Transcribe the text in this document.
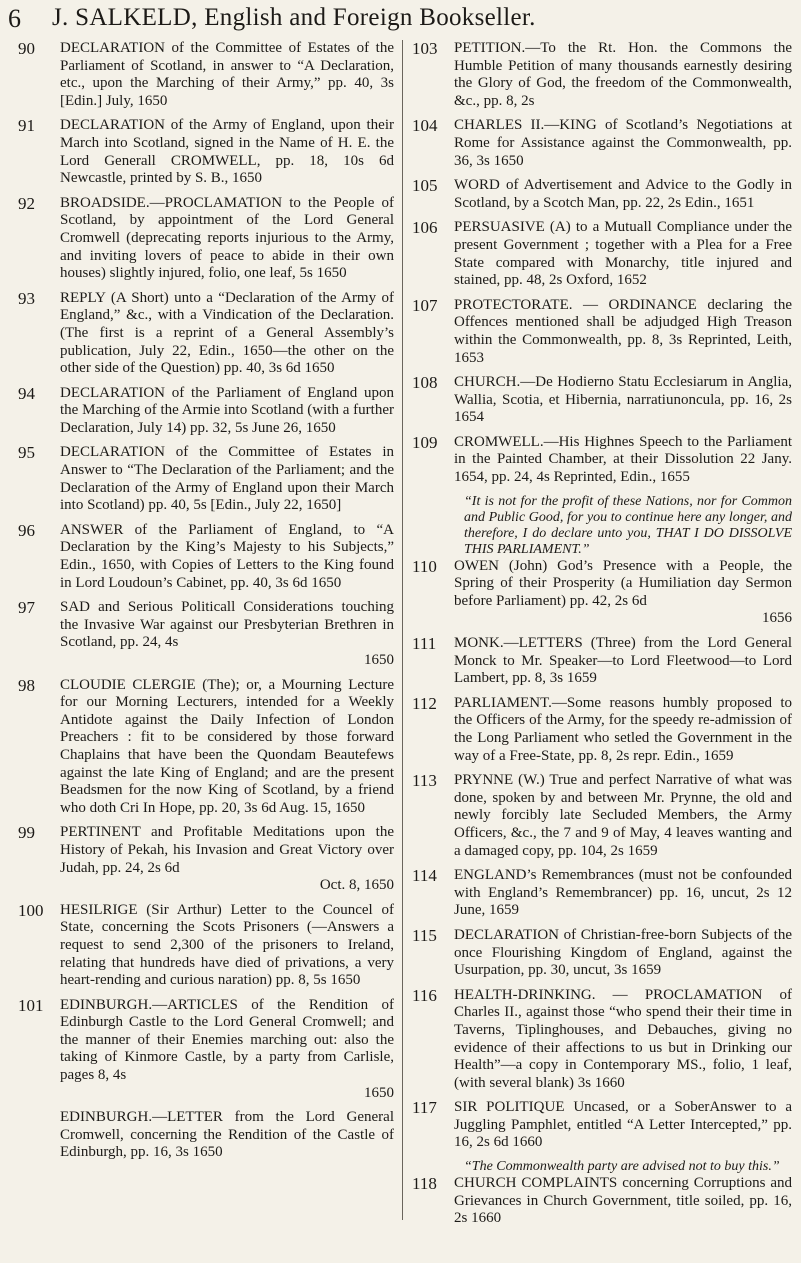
6 J. SALKELD, English and Foreign Bookseller.
90 DECLARATION of the Committee of Estates of the Parliament of Scotland, in answer to “A Declaration, etc., upon the Marching of their Army,” pp. 40, 3s [Edin.] July, 1650
91 DECLARATION of the Army of England, upon their March into Scotland, signed in the Name of H. E. the Lord Generall CROMWELL, pp. 18, 10s 6d Newcastle, printed by S. B., 1650
92 BROADSIDE.—PROCLAMATION to the People of Scotland, by appointment of the Lord General Cromwell (deprecating reports injurious to the Army, and inviting lovers of peace to abide in their own houses) slightly injured, folio, one leaf, 5s 1650
93 REPLY (A Short) unto a “Declaration of the Army of England,” &c., with a Vindication of the Declaration. (The first is a reprint of a General Assembly’s publication, July 22, Edin., 1650—the other on the other side of the Question) pp. 40, 3s 6d 1650
94 DECLARATION of the Parliament of England upon the Marching of the Armie into Scotland (with a further Declaration, July 14) pp. 32, 5s June 26, 1650
95 DECLARATION of the Committee of Estates in Answer to “The Declaration of the Parliament; and the Declaration of the Army of England upon their March into Scotland) pp. 40, 5s [Edin., July 22, 1650]
96 ANSWER of the Parliament of England, to “A Declaration by the King’s Majesty to his Subjects,” Edin., 1650, with Copies of Letters to the King found in Lord Loudoun’s Cabinet, pp. 40, 3s 6d 1650
97 SAD and Serious Politicall Considerations touching the Invasive War against our Presbyterian Brethren in Scotland, pp. 24, 4s
1650
98 CLOUDIE CLERGIE (The); or, a Mourning Lecture for our Morning Lecturers, intended for a Weekly Antidote against the Daily Infection of London Preachers : fit to be considered by those forward Chaplains that have been the Quondam Beautefews against the late King of England; and are the present Beadsmen for the now King of Scotland, by a friend who doth Cri In Hope, pp. 20, 3s 6d Aug. 15, 1650
99 PERTINENT and Profitable Meditations upon the History of Pekah, his Invasion and Great Victory over Judah, pp. 24, 2s 6d
Oct. 8, 1650
100 HESILRIGE (Sir Arthur) Letter to the Councel of State, concerning the Scots Prisoners (—Answers a request to send 2,300 of the prisoners to Ireland, relating that hundreds have died of privations, a very heart-rending and curious naration) pp. 8, 5s 1650
101 EDINBURGH.—ARTICLES of the Rendition of Edinburgh Castle to the Lord General Cromwell; and the manner of their Enemies marching out: also the taking of Kinmore Castle, by a party from Carlisle, pages 8, 4s
1650
EDINBURGH.—LETTER from the Lord General Cromwell, concerning the Rendition of the Castle of Edinburgh, pp. 16, 3s 1650
103 PETITION.—To the Rt. Hon. the Commons the Humble Petition of many thousands earnestly desiring the Glory of God, the freedom of the Commonwealth, &c., pp. 8, 2s
104 CHARLES II.—KING of Scotland’s Negotiations at Rome for Assistance against the Commonwealth, pp. 36, 3s 1650
105 WORD of Advertisement and Advice to the Godly in Scotland, by a Scotch Man, pp. 22, 2s Edin., 1651
106 PERSUASIVE (A) to a Mutuall Compliance under the present Government ; together with a Plea for a Free State compared with Monarchy, title injured and stained, pp. 48, 2s Oxford, 1652
107 PROTECTORATE. — ORDINANCE declaring the Offences mentioned shall be adjudged High Treason within the Commonwealth, pp. 8, 3s Reprinted, Leith, 1653
108 CHURCH.—De Hodierno Statu Ecclesiarum in Anglia, Wallia, Scotia, et Hibernia, narratiunoncula, pp. 16, 2s 1654
109 CROMWELL.—His Highnes Speech to the Parliament in the Painted Chamber, at their Dissolution 22 Jany. 1654, pp. 24, 4s Reprinted, Edin., 1655
“It is not for the profit of these Nations, nor for Common and Public Good, for you to continue here any longer, and therefore, I do declare unto you, THAT I DO DISSOLVE THIS PARLIAMENT.”
110 OWEN (John) God’s Presence with a People, the Spring of their Prosperity (a Humiliation day Sermon before Parliament) pp. 42, 2s 6d
1656
111 MONK.—LETTERS (Three) from the Lord General Monck to Mr. Speaker—to Lord Fleetwood—to Lord Lambert, pp. 8, 3s 1659
112 PARLIAMENT.—Some reasons humbly proposed to the Officers of the Army, for the speedy re-admission of the Long Parliament who setled the Government in the way of a Free-State, pp. 8, 2s repr. Edin., 1659
113 PRYNNE (W.) True and perfect Narrative of what was done, spoken by and between Mr. Prynne, the old and newly forcibly late Secluded Members, the Army Officers, &c., the 7 and 9 of May, 4 leaves wanting and a damaged copy, pp. 104, 2s 1659
114 ENGLAND’s Remembrances (must not be confounded with England’s Remembrancer) pp. 16, uncut, 2s 12 June, 1659
115 DECLARATION of Christian-free-born Subjects of the once Flourishing Kingdom of England, against the Usurpation, pp. 30, uncut, 3s 1659
116 HEALTH-DRINKING. — PROCLAMATION of Charles II., against those “who spend their their time in Taverns, Tiplinghouses, and Debauches, giving no evidence of their affections to us but in Drinking our Health”—a copy in Contemporary MS., folio, 1 leaf, (with several blank) 3s 1660
117 SIR POLITIQUE Uncased, or a SoberAnswer to a Juggling Pamphlet, entitled “A Letter Intercepted,” pp. 16, 2s 6d 1660
“The Commonwealth party are advised not to buy this.”
118 CHURCH COMPLAINTS concerning Corruptions and Grievances in Church Government, title soiled, pp. 16, 2s 1660
